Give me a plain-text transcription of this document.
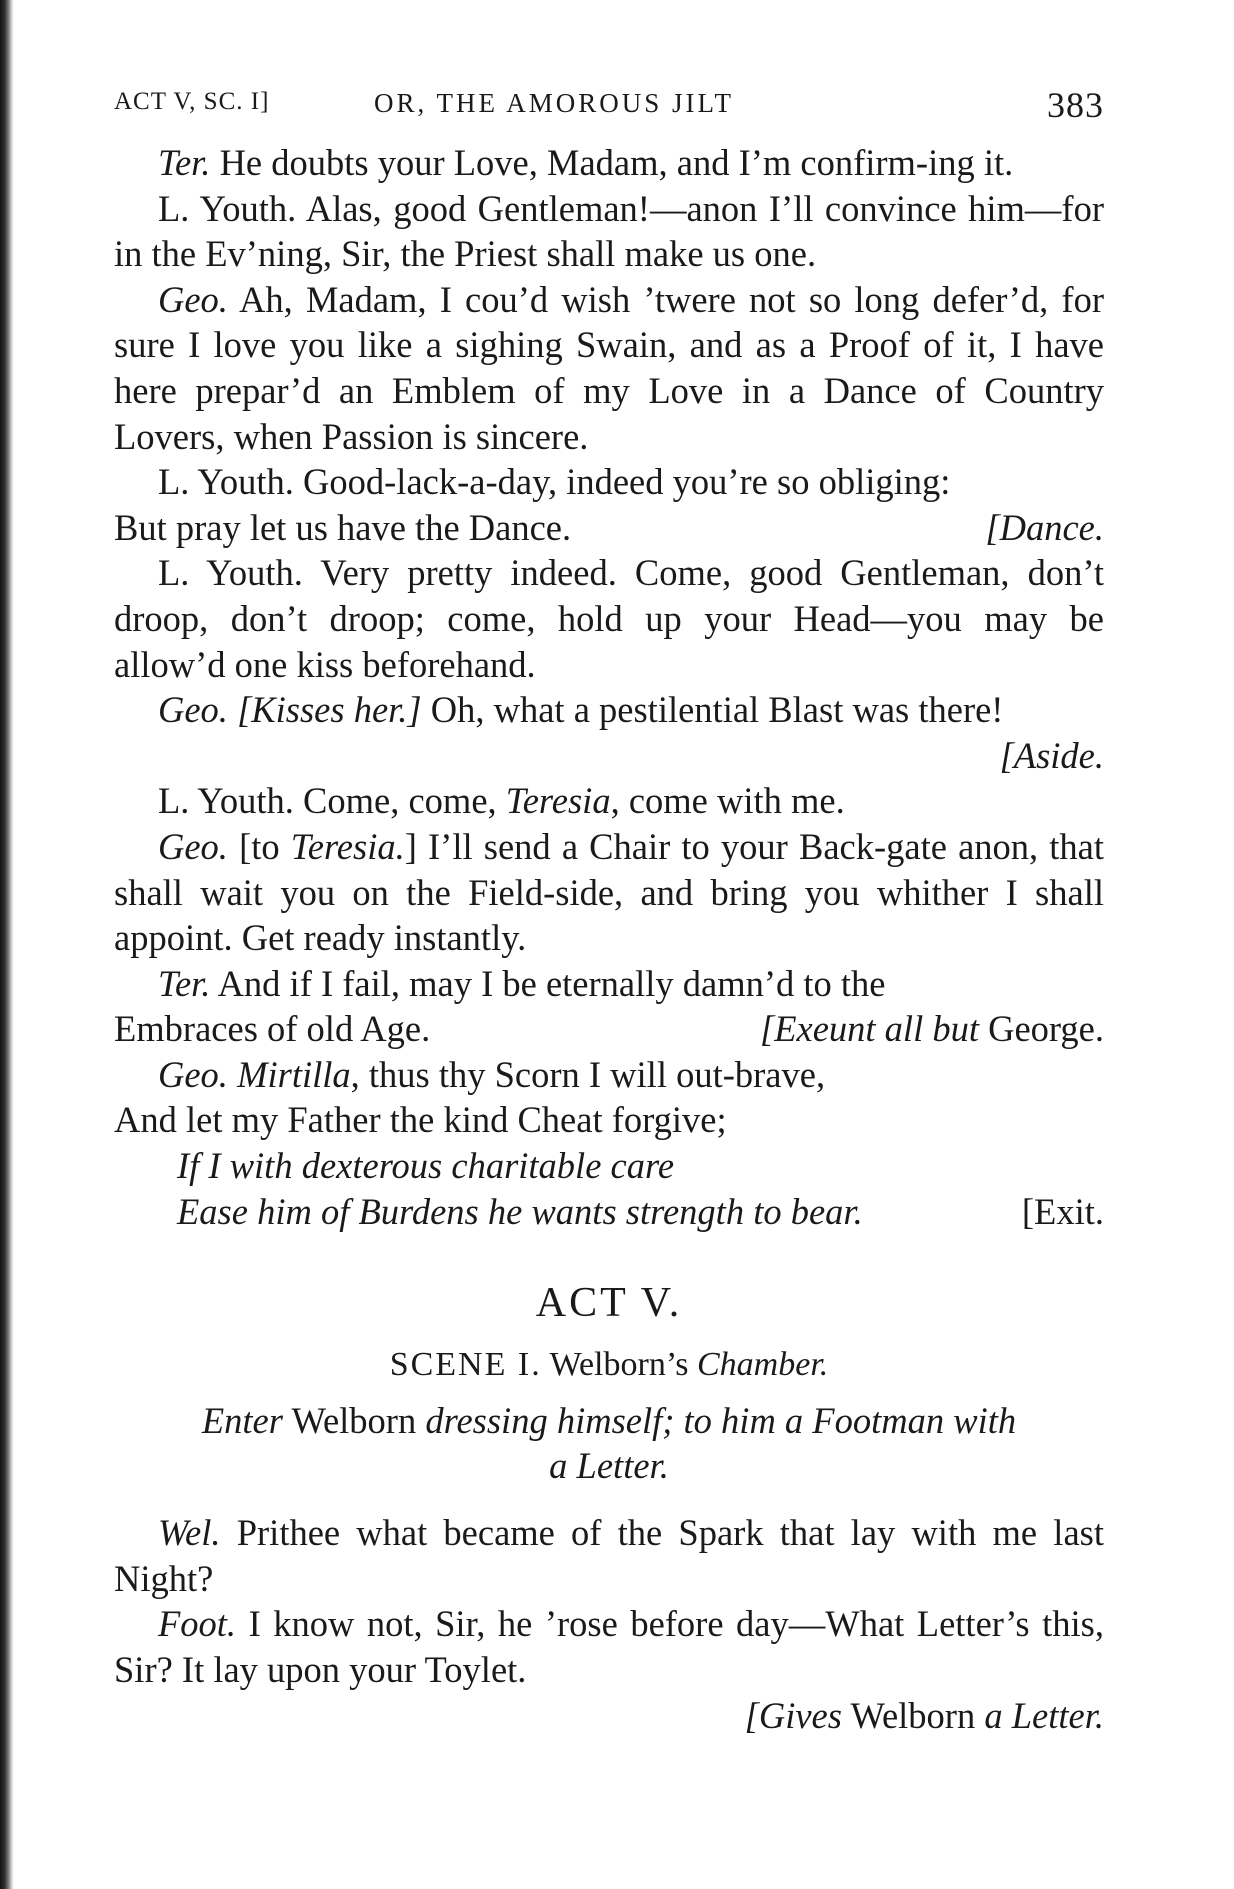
ACT V, SC. I]	OR, THE AMOROUS JILT	383

Ter. He doubts your Love, Madam, and I’m confirm-ing it.

L. Youth. Alas, good Gentleman!—anon I’ll convince him—for in the Ev’ning, Sir, the Priest shall make us one.

Geo. Ah, Madam, I cou’d wish ’twere not so long defer’d, for sure I love you like a sighing Swain, and as a Proof of it, I have here prepar’d an Emblem of my Love in a Dance of Country Lovers, when Passion is sincere.

L. Youth. Good-lack-a-day, indeed you’re so obliging:

But pray let us have the Dance.	[Dance.

L. Youth. Very pretty indeed. Come, good Gentleman, don’t droop, don’t droop; come, hold up your Head—you may be allow’d one kiss beforehand.

Geo. [Kisses her.] Oh, what a pestilential Blast was there!

[Aside.

L. Youth. Come, come, Teresia, come with me.

Geo. [to Teresia.] I’ll send a Chair to your Back-gate anon, that shall wait you on the Field-side, and bring you whither I shall appoint. Get ready instantly.

Ter. And if I fail, may I be eternally damn’d to the

Embraces of old Age.	[Exeunt all but George.
Geo. Mirtilla, thus thy Scorn I will out-brave,
And let my Father the kind Cheat forgive;
If I with dexterous charitable care
Ease him of Burdens he wants strength to bear.	[Exit.
ACT V.
SCENE I. Welborn’s Chamber.
Enter Welborn dressing himself; to him a Footman with
a Letter.

Wel. Prithee what became of the Spark that lay with me last Night?

Foot. I know not, Sir, he ’rose before day—What Letter’s this, Sir? It lay upon your Toylet.

[Gives Welborn a Letter.
